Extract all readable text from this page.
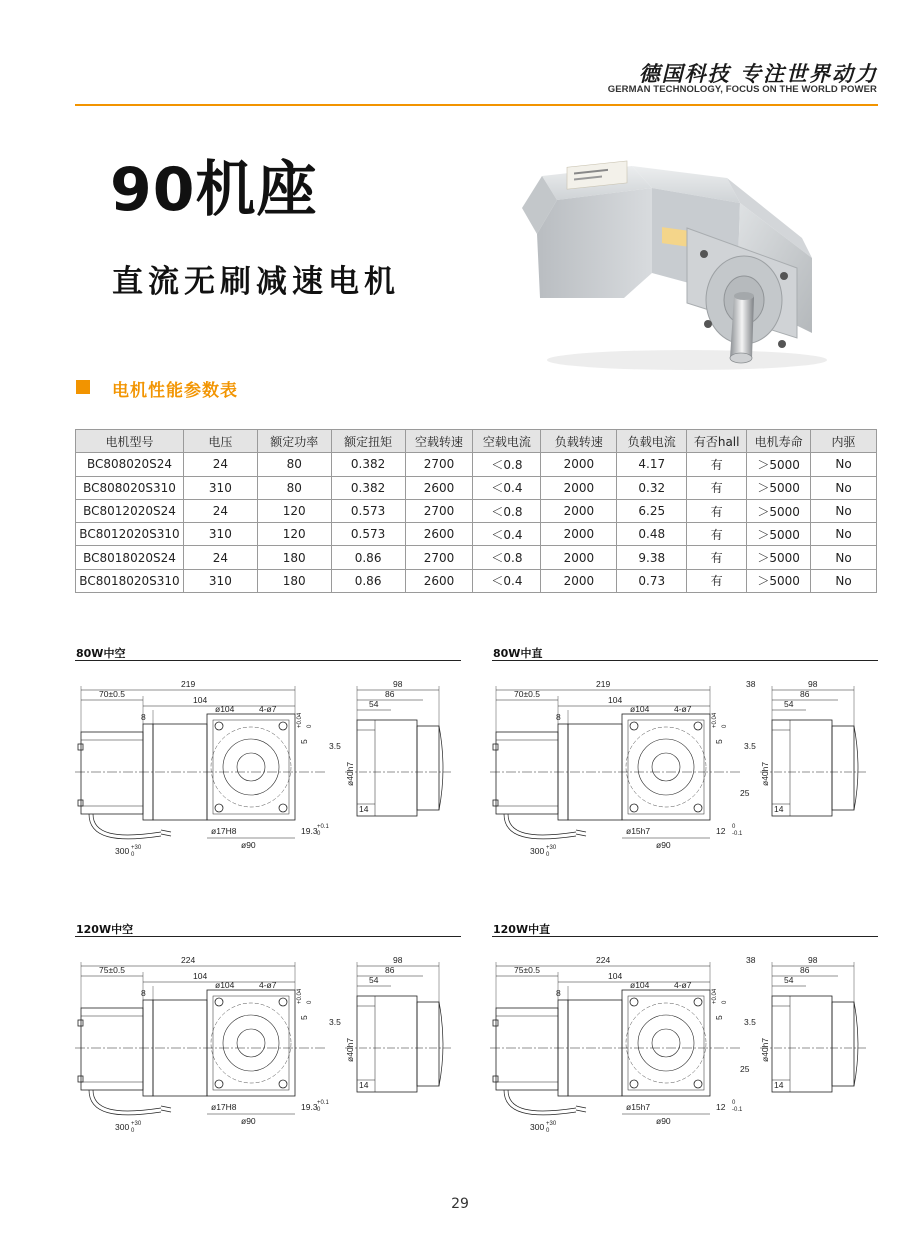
德国科技 专注世界动力
GERMAN TECHNOLOGY, FOCUS ON THE WORLD POWER
90机座
直流无刷减速电机
电机性能参数表
电机型号	电压	额定功率	额定扭矩	空载转速	空载电流	负载转速	负载电流	有否hall	电机寿命	内驱
BC808020S24	24	80	0.382	2700	＜0.8	2000	4.17	有	＞5000	No
BC808020S310	310	80	0.382	2600	＜0.4	2000	0.32	有	＞5000	No
BC8012020S24	24	120	0.573	2700	＜0.8	2000	6.25	有	＞5000	No
BC8012020S310	310	120	0.573	2600	＜0.4	2000	0.48	有	＞5000	No
BC8018020S24	24	180	0.86	2700	＜0.8	2000	9.38	有	＞5000	No
BC8018020S310	310	180	0.86	2600	＜0.4	2000	0.73	有	＞5000	No
80W中空	80W中直
120W中空	120W中直
219
70±0.5
104
8
ø104	4-ø7
ø17H8
ø90
19.3 +0.1
0
300 +30
0
98
86
54
3.5
14
5
+0.04 0
ø40h7
219
70±0.5
104
8
ø104	4-ø7
ø15h7
ø90
12 0
-0.1
300 +30
0
98
86
54
3.5
14
5
+0.04 0
ø40h7
38
25
224
75±0.5
104
8
ø104	4-ø7
ø17H8
ø90
19.3 +0.1
0
300 +30
0
98
86
54
3.5
14
5
+0.04 0
ø40h7
224
75±0.5
104
8
ø104	4-ø7
ø15h7
ø90
12 0
-0.1
300 +30
0
98
86
54
3.5
14
5
+0.04 0
ø40h7
38
25
29
